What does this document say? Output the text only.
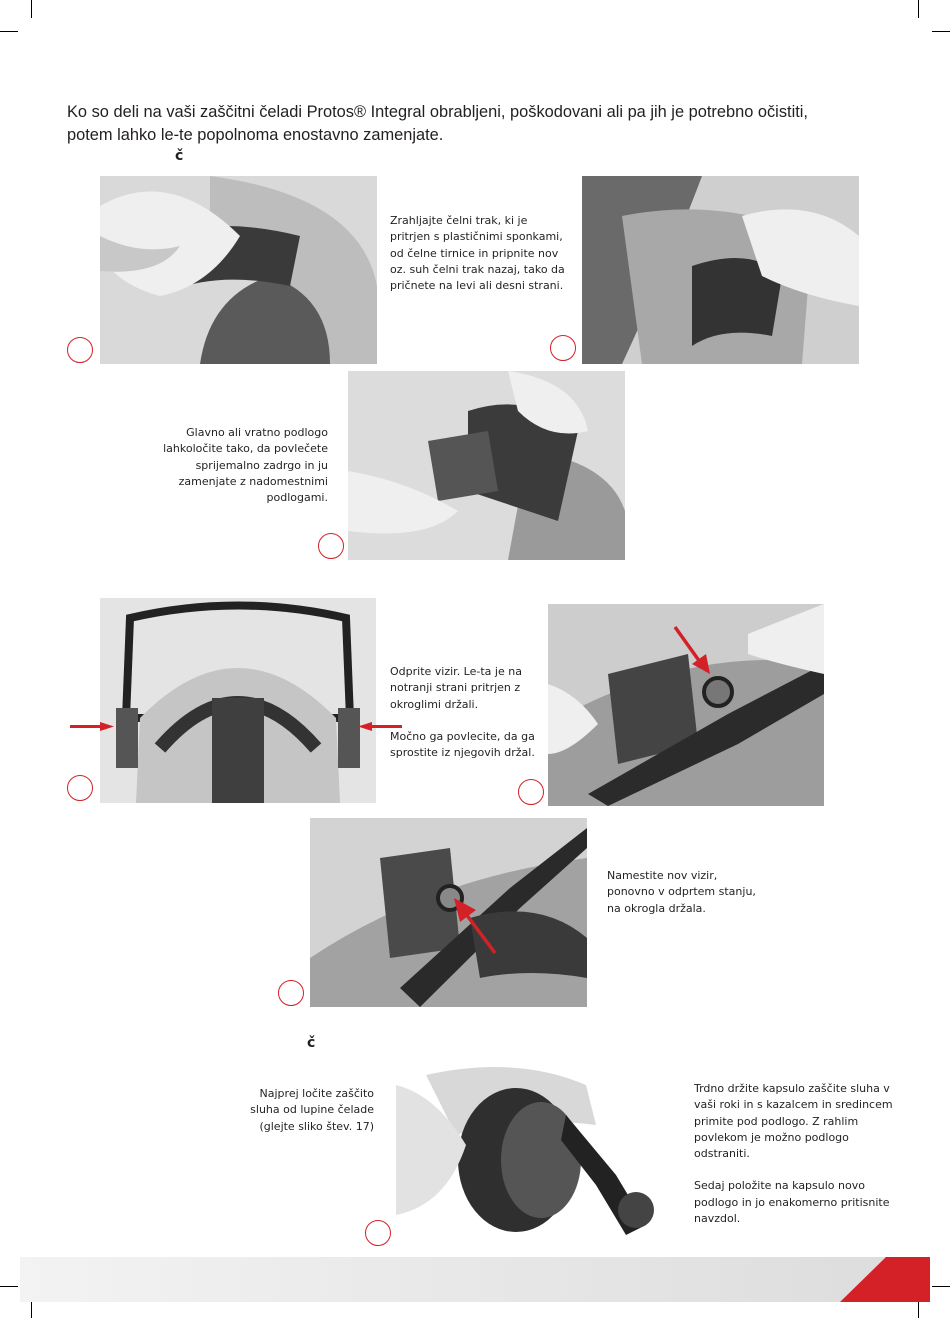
Ko so deli na vaši zaščitni čeladi Protos® Integral obrabljeni, poškodovani ali pa jih je potrebno očistiti,
potem lahko le-te popolnoma enostavno zamenjate.
č
Zrahljajte čelni trak, ki je pritrjen s plastičnimi sponkami, od čelne tirnice in pripnite nov oz. suh čelni trak nazaj, tako da pričnete na levi ali desni strani.
Glavno ali vratno podlogo lahkoločite tako, da povlečete sprijemalno zadrgo in ju zamenjate z nadomestnimi podlogami.

Odprite vizir. Le-ta je na notranji strani pritrjen z okroglimi držali.

Močno ga povlecite, da ga sprostite iz njegovih držal.

Namestite nov vizir, ponovno v odprtem stanju, na okrogla držala.
č
Najprej ločite zaščito sluha od lupine čelade (glejte sliko štev. 17)

Trdno držite kapsulo zaščite sluha v vaši roki in s kazalcem in sredincem primite pod podlogo. Z rahlim povlekom je možno podlogo odstraniti.

Sedaj položite na kapsulo novo podlogo in jo enakomerno pritisnite navzdol.
